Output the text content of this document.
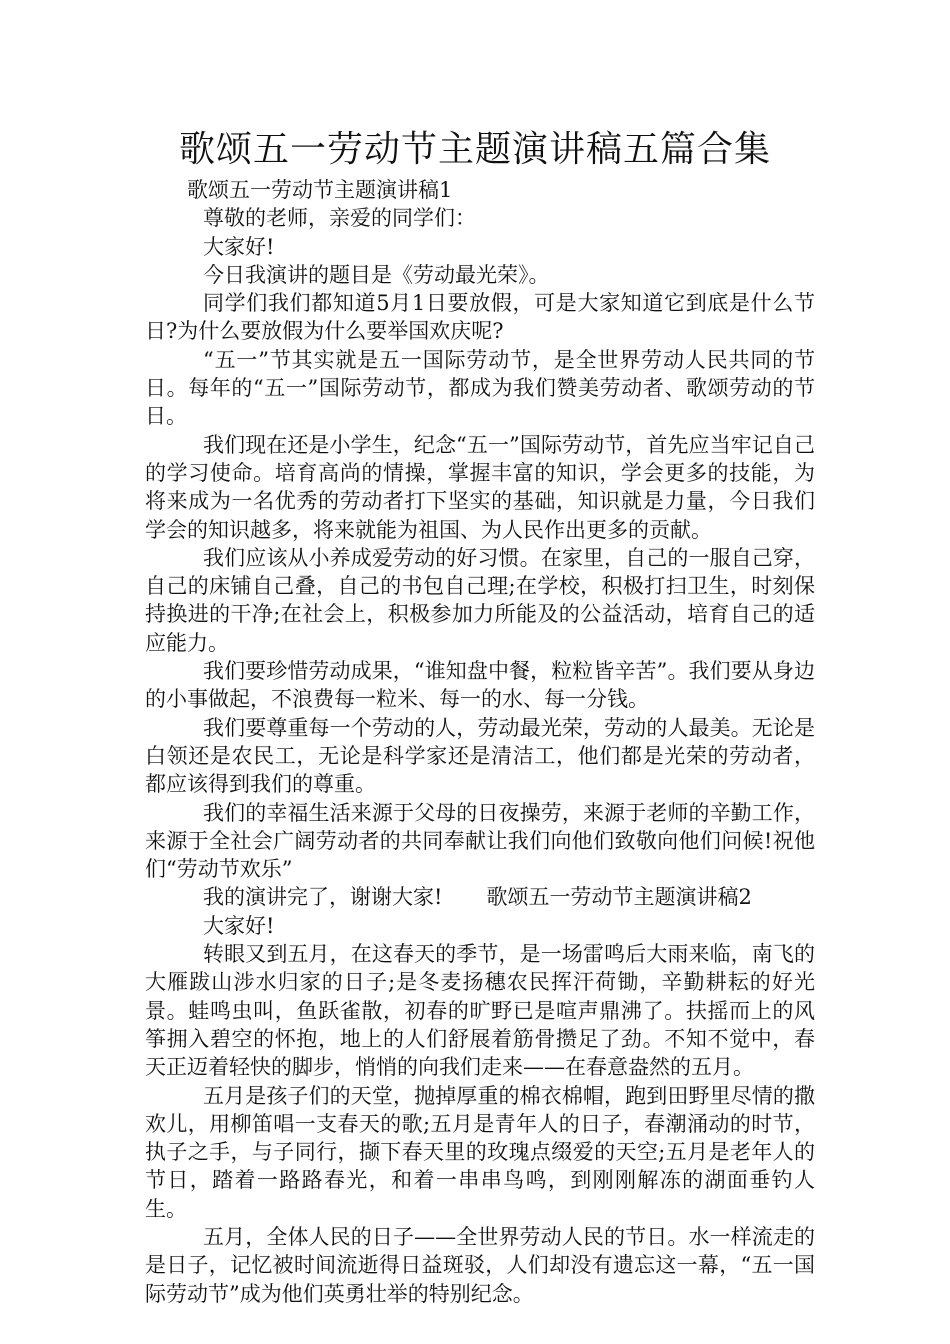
歌颂五一劳动节主题演讲稿五篇合集

歌颂五一劳动节主题演讲稿1

尊敬的老师，亲爱的同学们：

大家好!

今日我演讲的题目是《劳动最光荣》。

同学们我们都知道5月1日要放假，可是大家知道它到底是什么节日?为什么要放假为什么要举国欢庆呢?

“五一”节其实就是五一国际劳动节，是全世界劳动人民共同的节日。每年的“五一”国际劳动节，都成为我们赞美劳动者、歌颂劳动的节日。

我们现在还是小学生，纪念“五一”国际劳动节，首先应当牢记自己的学习使命。培育高尚的情操，掌握丰富的知识，学会更多的技能，为将来成为一名优秀的劳动者打下坚实的基础，知识就是力量，今日我们学会的知识越多，将来就能为祖国、为人民作出更多的贡献。

我们应该从小养成爱劳动的好习惯。在家里，自己的一服自己穿，自己的床铺自己叠，自己的书包自己理;在学校，积极打扫卫生，时刻保持换进的干净;在社会上，积极参加力所能及的公益活动，培育自己的适应能力。

我们要珍惜劳动成果，“谁知盘中餐，粒粒皆辛苦”。我们要从身边的小事做起，不浪费每一粒米、每一的水、每一分钱。

我们要尊重每一个劳动的人，劳动最光荣，劳动的人最美。无论是白领还是农民工，无论是科学家还是清洁工，他们都是光荣的劳动者，都应该得到我们的尊重。

我们的幸福生活来源于父母的日夜操劳，来源于老师的辛勤工作，来源于全社会广阔劳动者的共同奉献让我们向他们致敬向他们问候!祝他们“劳动节欢乐”

我的演讲完了，谢谢大家! 歌颂五一劳动节主题演讲稿2

大家好!

转眼又到五月，在这春天的季节，是一场雷鸣后大雨来临，南飞的大雁跋山涉水归家的日子;是冬麦扬穗农民挥汗荷锄，辛勤耕耘的好光景。蛙鸣虫叫，鱼跃雀散，初春的旷野已是喧声鼎沸了。扶摇而上的风筝拥入碧空的怀抱，地上的人们舒展着筋骨攒足了劲。不知不觉中，春天正迈着轻快的脚步，悄悄的向我们走来——在春意盎然的五月。

五月是孩子们的天堂，抛掉厚重的棉衣棉帽，跑到田野里尽情的撒欢儿，用柳笛唱一支春天的歌;五月是青年人的日子，春潮涌动的时节，执子之手，与子同行，撷下春天里的玫瑰点缀爱的天空;五月是老年人的节日，踏着一路路春光，和着一串串鸟鸣，到刚刚解冻的湖面垂钓人生。

五月，全体人民的日子——全世界劳动人民的节日。水一样流走的是日子，记忆被时间流逝得日益斑驳，人们却没有遗忘这一幕，“五一国际劳动节”成为他们英勇壮举的特别纪念。
